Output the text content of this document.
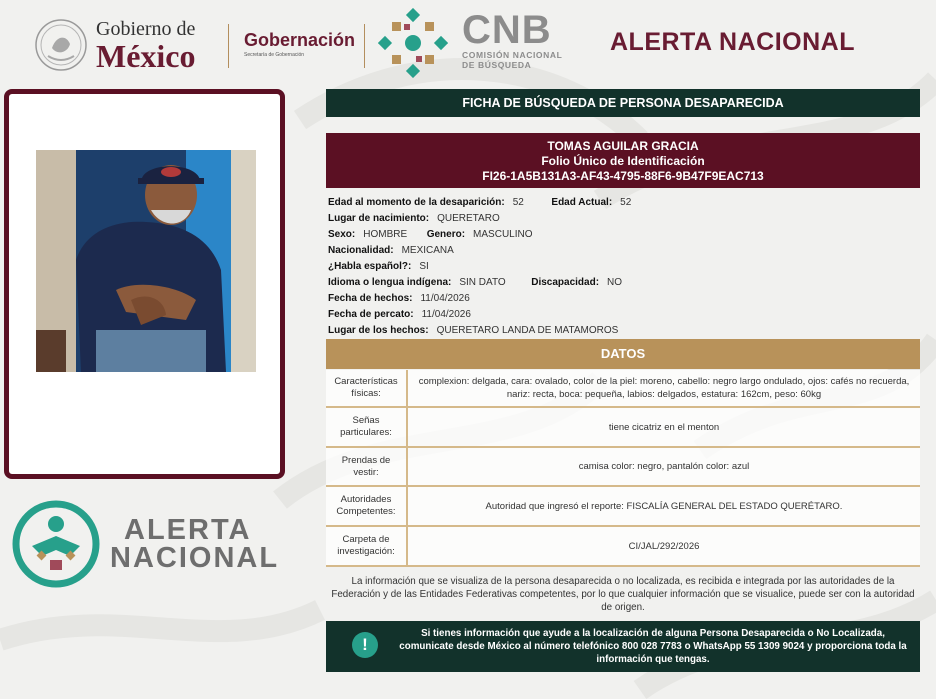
Gobierno de
México	Gobernación
Secretaría de Gobernación
CNB
COMISIÓN NACIONAL
DE BÚSQUEDA
ALERTA NACIONAL
ALERTA
NACIONAL
FICHA DE BÚSQUEDA DE PERSONA DESAPARECIDA
TOMAS AGUILAR GRACIA
Folio Único de Identificación
FI26-1A5B131A3-AF43-4795-88F6-9B47F9EAC713
Edad al momento de la desaparición: 52	Edad Actual: 52
Lugar de nacimiento: QUERETARO
Sexo: HOMBRE Genero: MASCULINO
Nacionalidad: MEXICANA
¿Habla español?: SI
Idioma o lengua indígena: SIN DATO	Discapacidad: NO
Fecha de hechos: 11/04/2026
Fecha de percato: 11/04/2026
Lugar de los hechos: QUERETARO LANDA DE MATAMOROS
DATOS
Características físicas:
complexion: delgada, cara: ovalado, color de la piel: moreno, cabello: negro largo ondulado, ojos: cafés no recuerda, nariz: recta, boca: pequeña, labios: delgados, estatura: 162cm, peso: 60kg
Señas particulares:	tiene cicatriz en el menton
Prendas de vestir:	camisa color: negro, pantalón color: azul
Autoridades Competentes:	Autoridad que ingresó el reporte: FISCALÍA GENERAL DEL ESTADO QUERÉTARO.
Carpeta de investigación:	CI/JAL/292/2026
La información que se visualiza de la persona desaparecida o no localizada, es recibida e integrada por las autoridades de la Federación y de las Entidades Federativas competentes, por lo que cualquier información que se visualice, puede ser con la autoridad de origen.
!
Si tienes información que ayude a la localización de alguna Persona Desaparecida o No Localizada, comunicate desde México al número telefónico 800 028 7783 o WhatsApp 55 1309 9024 y proporciona toda la información que tengas.
